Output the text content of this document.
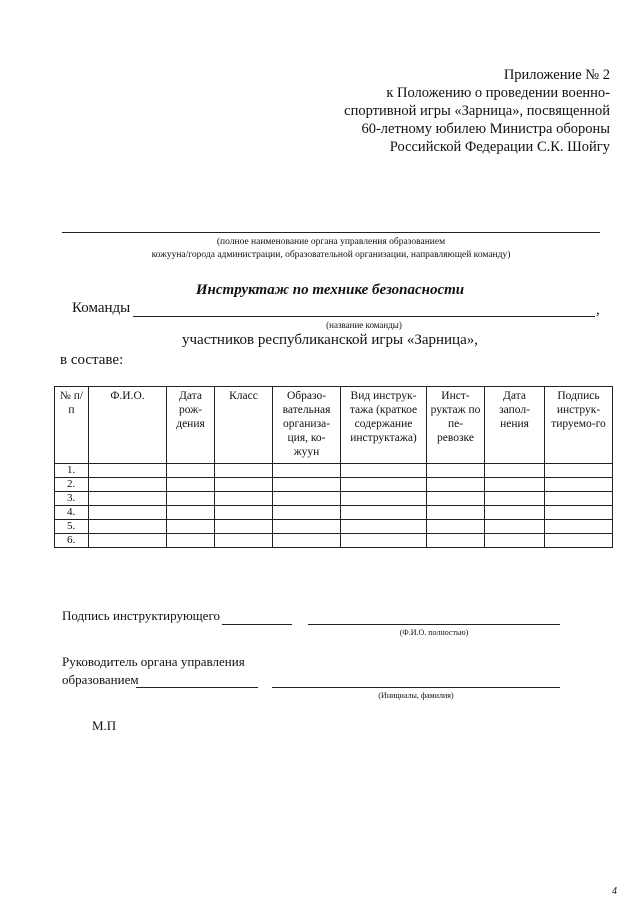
Приложение № 2
к Положению о проведении военно-
спортивной игры «Зарница», посвященной
60-летному юбилею Министра обороны
Российской Федерации С.К. Шойгу
(полное наименование органа управления образованием
кожууна/города администрации, образовательной организации, направляющей команду)
Инструктаж по технике безопасности
Команды	,
(название команды)
участников республиканской игры «Зарница»,
в составе:
№ п/п	Ф.И.О.	Дата рож-дения	Класс	Образо-вательная организа-ция, ко-жуун	Вид инструк-тажа (краткое содержание инструктажа)	Инст-руктаж по пе-ревозке	Дата запол-нения	Подпись инструк-тируемо-го
1.								
2.								
3.								
4.								
5.								
6.								
Подпись инструктирующего
(Ф.И.О. полностью)
Руководитель органа управления
образованием
(Инициалы, фамилия)
М.П
4
